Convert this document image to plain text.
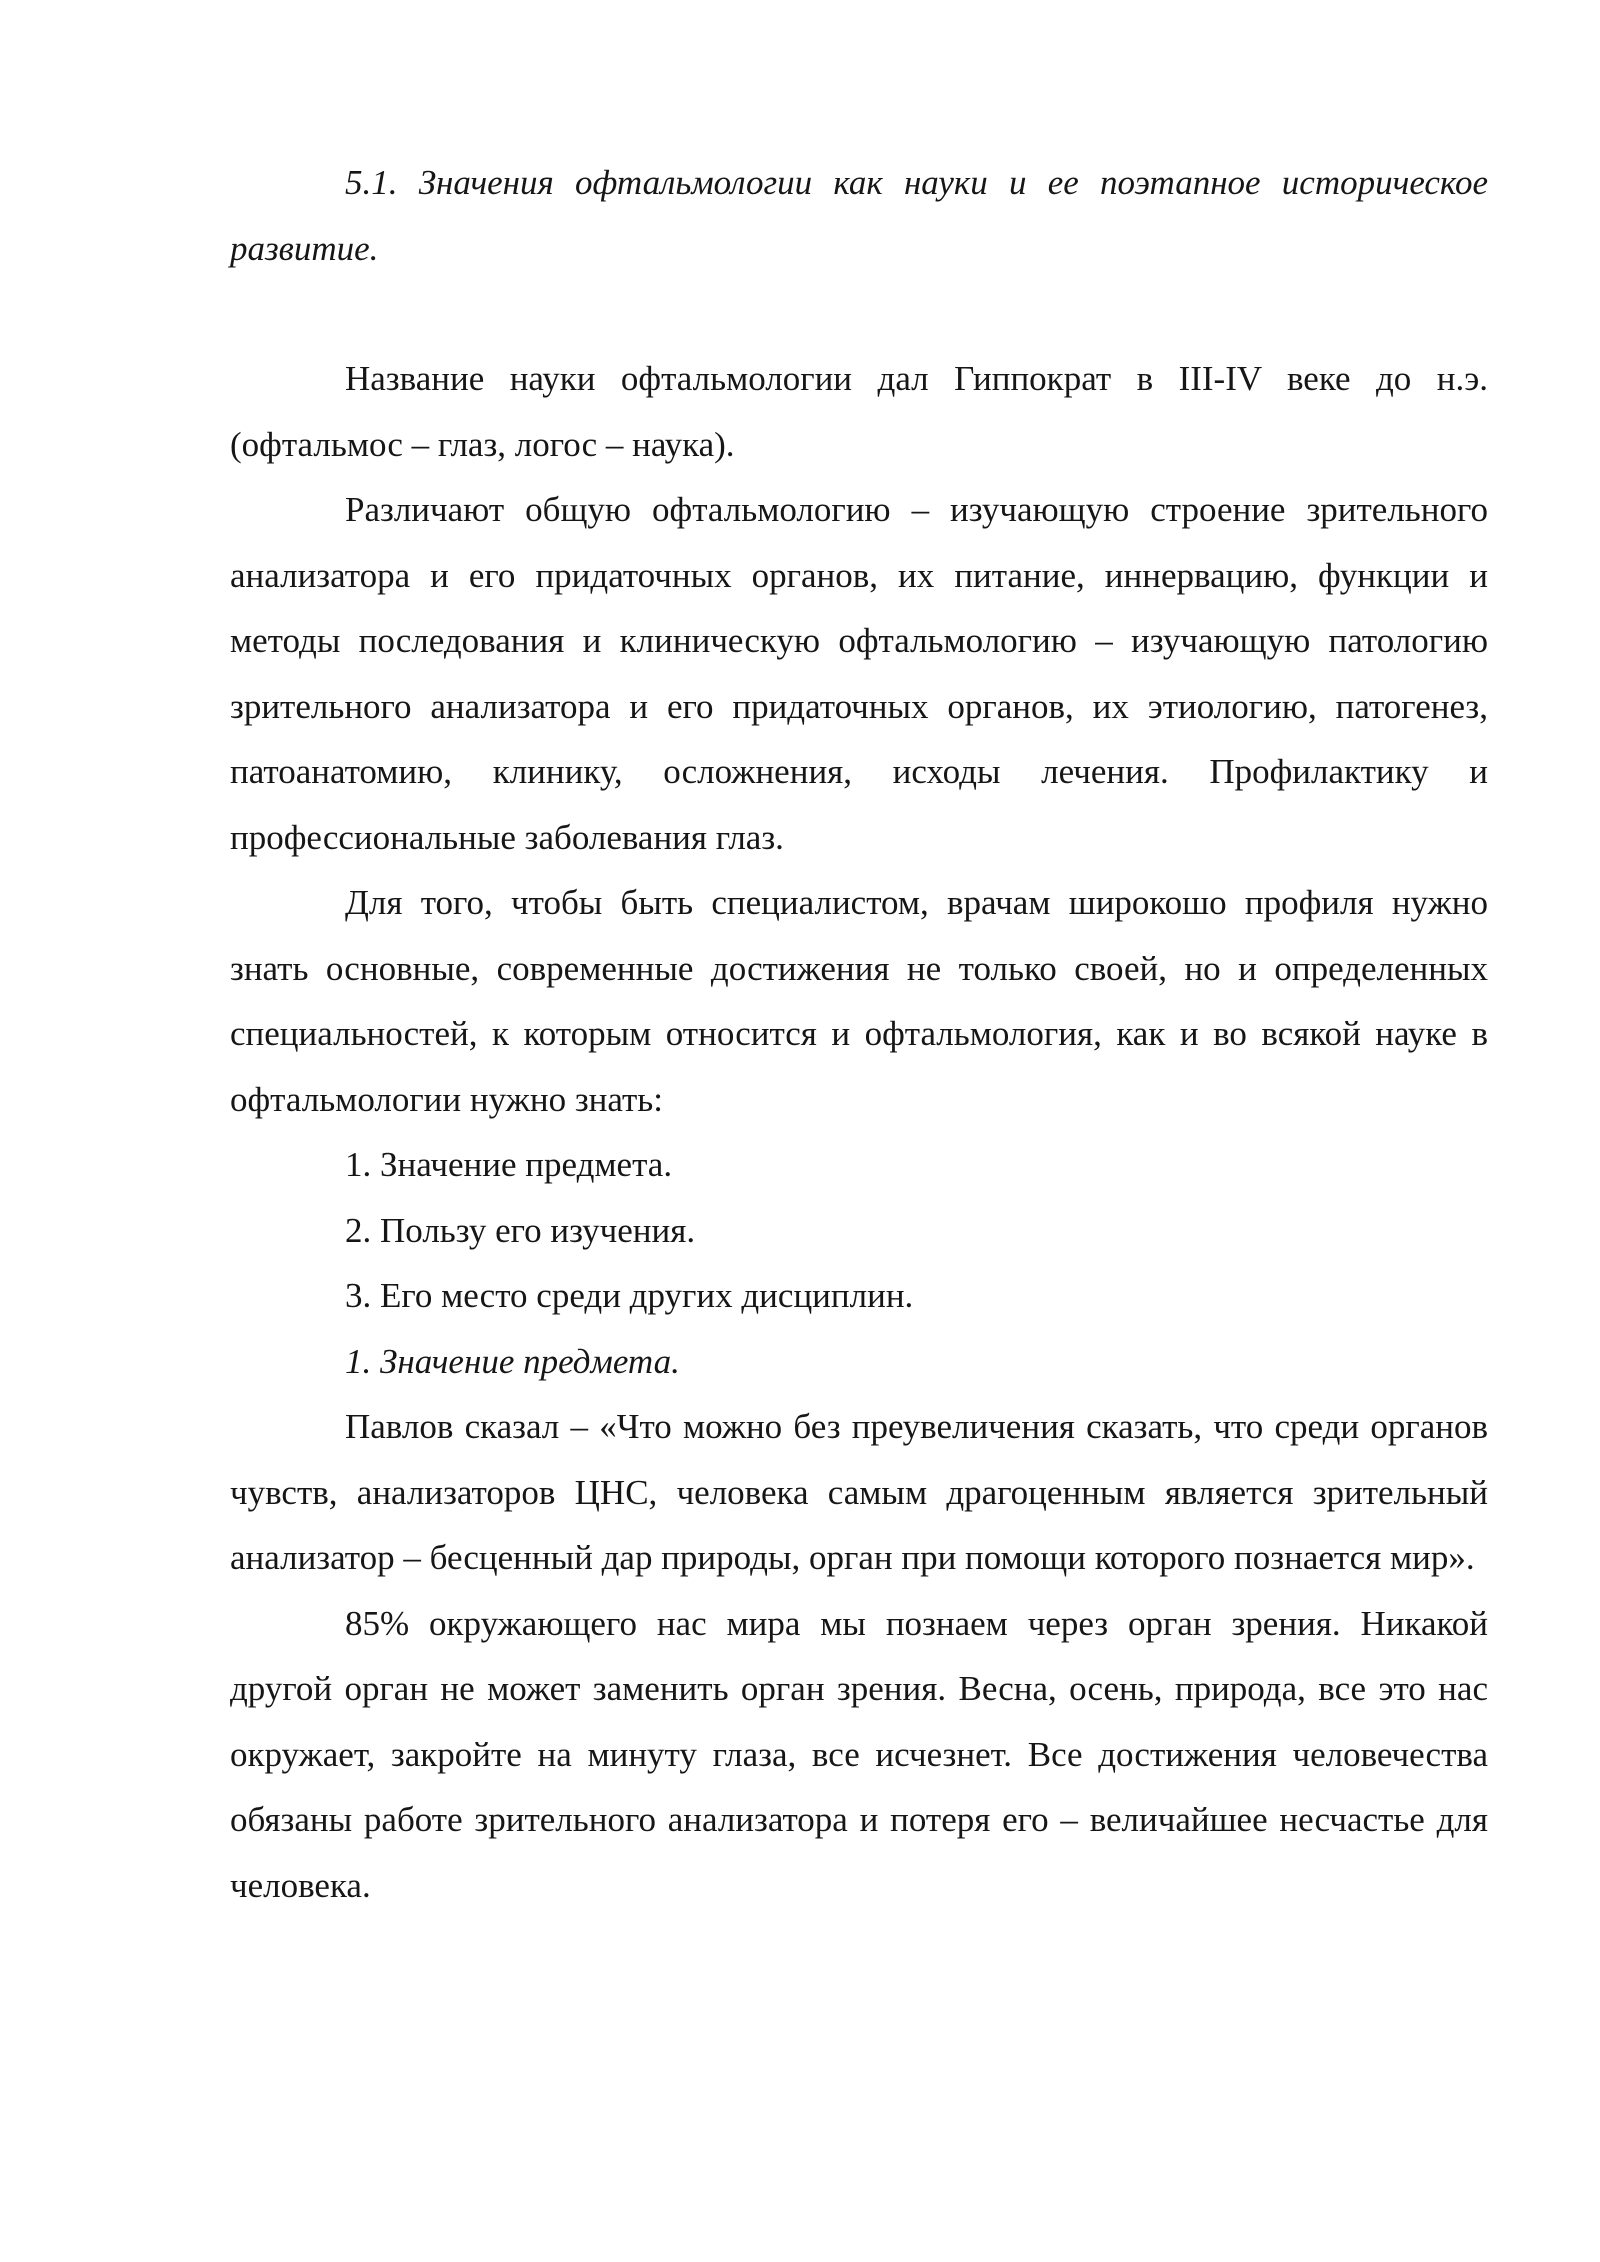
5.1. Значения офтальмологии как науки и ее поэтапное историческое развитие.

Название науки офтальмологии дал Гиппократ в III-IV веке до н.э. (офтальмос – глаз, логос – наука).

Различают общую офтальмологию – изучающую строение зрительного анализатора и его придаточных органов, их питание, иннервацию, функции и методы последования и клиническую офтальмологию – изучающую патологию зрительного анализатора и его придаточных органов, их этиологию, патогенез, патоанатомию, клинику, осложнения, исходы лечения. Профилактику и профессиональные заболевания глаз.

Для того, чтобы быть специалистом, врачам широкошо профиля нужно знать основные, современные достижения не только своей, но и определенных специальностей, к которым относится и офтальмология, как и во всякой науке в офтальмологии нужно знать:

1. Значение предмета.

2. Пользу его изучения.

3. Его место среди других дисциплин.

1. Значение предмета.

Павлов сказал – «Что можно без преувеличения сказать, что среди органов чувств, анализаторов ЦНС, человека самым драгоценным является зрительный анализатор – бесценный дар природы, орган при помощи которого познается мир».

85% окружающего нас мира мы познаем через орган зрения. Никакой другой орган не может заменить орган зрения. Весна, осень, природа, все это нас окружает, закройте на минуту глаза, все исчезнет. Все достижения человечества обязаны работе зрительного анализатора и потеря его – величайшее несчастье для человека.
